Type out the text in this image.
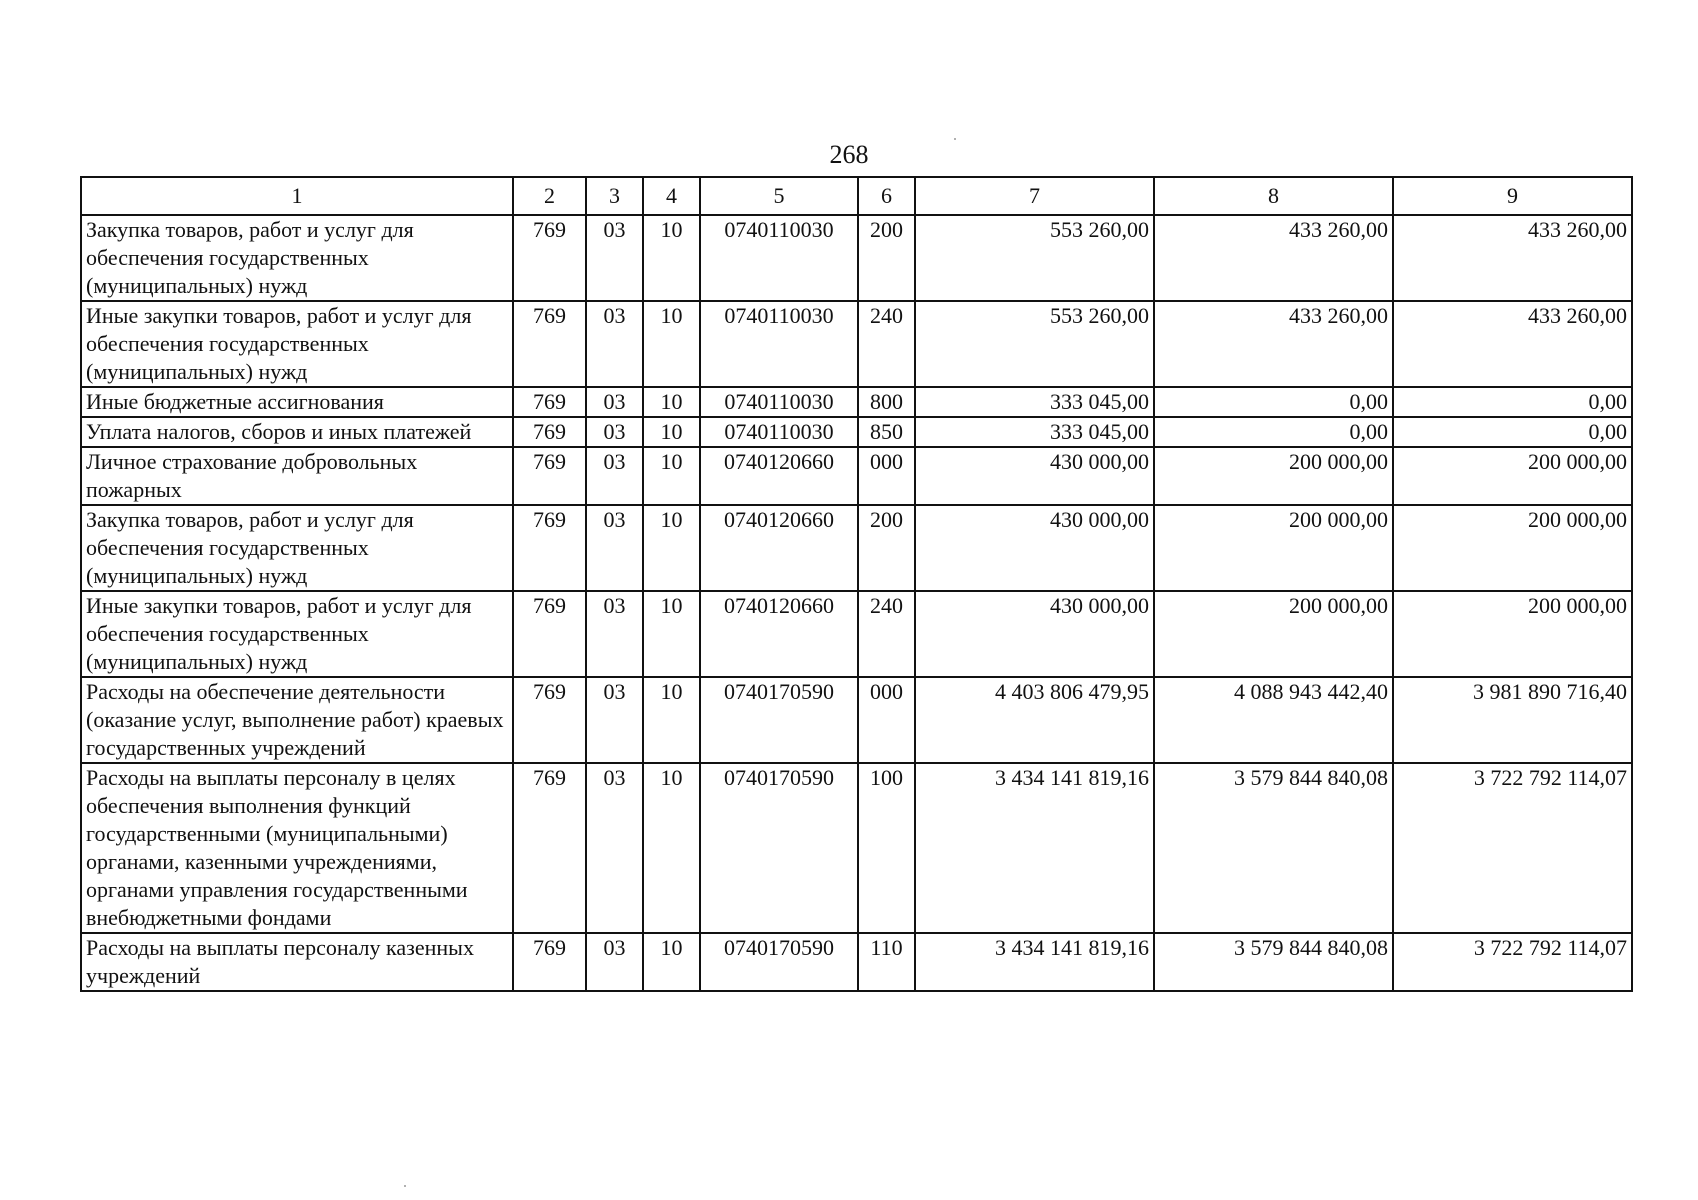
268
1	2	3	4	5	6	7	8	9
Закупка товаров, работ и услуг для обеспечения государственных (муниципальных) нужд	769	03	10	0740110030	200	553 260,00	433 260,00	433 260,00
Иные закупки товаров, работ и услуг для обеспечения государственных (муниципальных) нужд	769	03	10	0740110030	240	553 260,00	433 260,00	433 260,00
Иные бюджетные ассигнования	769	03	10	0740110030	800	333 045,00	0,00	0,00
Уплата налогов, сборов и иных платежей	769	03	10	0740110030	850	333 045,00	0,00	0,00
Личное страхование добровольных пожарных	769	03	10	0740120660	000	430 000,00	200 000,00	200 000,00
Закупка товаров, работ и услуг для обеспечения государственных (муниципальных) нужд	769	03	10	0740120660	200	430 000,00	200 000,00	200 000,00
Иные закупки товаров, работ и услуг для обеспечения государственных (муниципальных) нужд	769	03	10	0740120660	240	430 000,00	200 000,00	200 000,00
Расходы на обеспечение деятельности (оказание услуг, выполнение работ) краевых государственных учреждений	769	03	10	0740170590	000	4 403 806 479,95	4 088 943 442,40	3 981 890 716,40
Расходы на выплаты персоналу в целях обеспечения выполнения функций государственными (муниципальными) органами, казенными учреждениями, органами управления государственными внебюджетными фондами	769	03	10	0740170590	100	3 434 141 819,16	3 579 844 840,08	3 722 792 114,07
Расходы на выплаты персоналу казенных учреждений	769	03	10	0740170590	110	3 434 141 819,16	3 579 844 840,08	3 722 792 114,07
